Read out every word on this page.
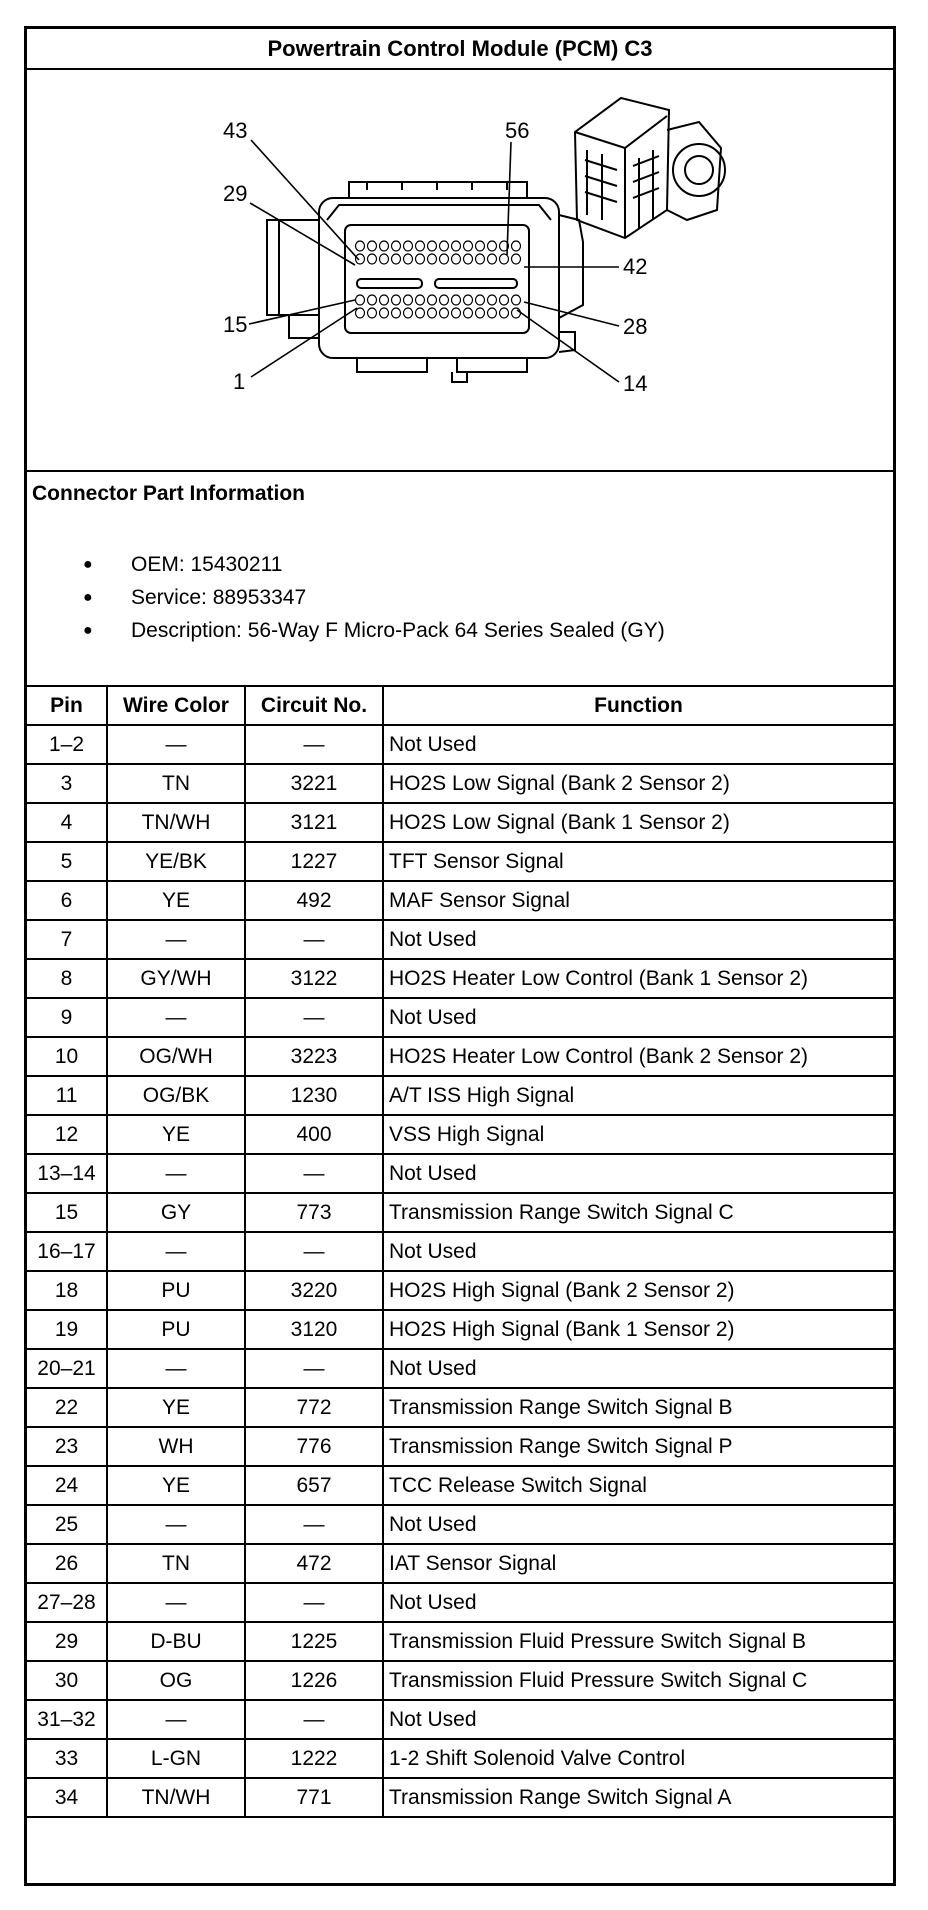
Powertrain Control Module (PCM) C3
43	56
29
42
15	28
1	14
Connector Part Information
● OEM: 15430211
● Service: 88953347
● Description: 56-Way F Micro-Pack 64 Series Sealed (GY)
Pin	Wire Color	Circuit No.	Function
1–2	—	—	Not Used
3	TN	3221	HO2S Low Signal (Bank 2 Sensor 2)
4	TN/WH	3121	HO2S Low Signal (Bank 1 Sensor 2)
5	YE/BK	1227	TFT Sensor Signal
6	YE	492	MAF Sensor Signal
7	—	—	Not Used
8	GY/WH	3122	HO2S Heater Low Control (Bank 1 Sensor 2)
9	—	—	Not Used
10	OG/WH	3223	HO2S Heater Low Control (Bank 2 Sensor 2)
11	OG/BK	1230	A/T ISS High Signal
12	YE	400	VSS High Signal
13–14	—	—	Not Used
15	GY	773	Transmission Range Switch Signal C
16–17	—	—	Not Used
18	PU	3220	HO2S High Signal (Bank 2 Sensor 2)
19	PU	3120	HO2S High Signal (Bank 1 Sensor 2)
20–21	—	—	Not Used
22	YE	772	Transmission Range Switch Signal B
23	WH	776	Transmission Range Switch Signal P
24	YE	657	TCC Release Switch Signal
25	—	—	Not Used
26	TN	472	IAT Sensor Signal
27–28	—	—	Not Used
29	D-BU	1225	Transmission Fluid Pressure Switch Signal B
30	OG	1226	Transmission Fluid Pressure Switch Signal C
31–32	—	—	Not Used
33	L-GN	1222	1-2 Shift Solenoid Valve Control
34	TN/WH	771	Transmission Range Switch Signal A
